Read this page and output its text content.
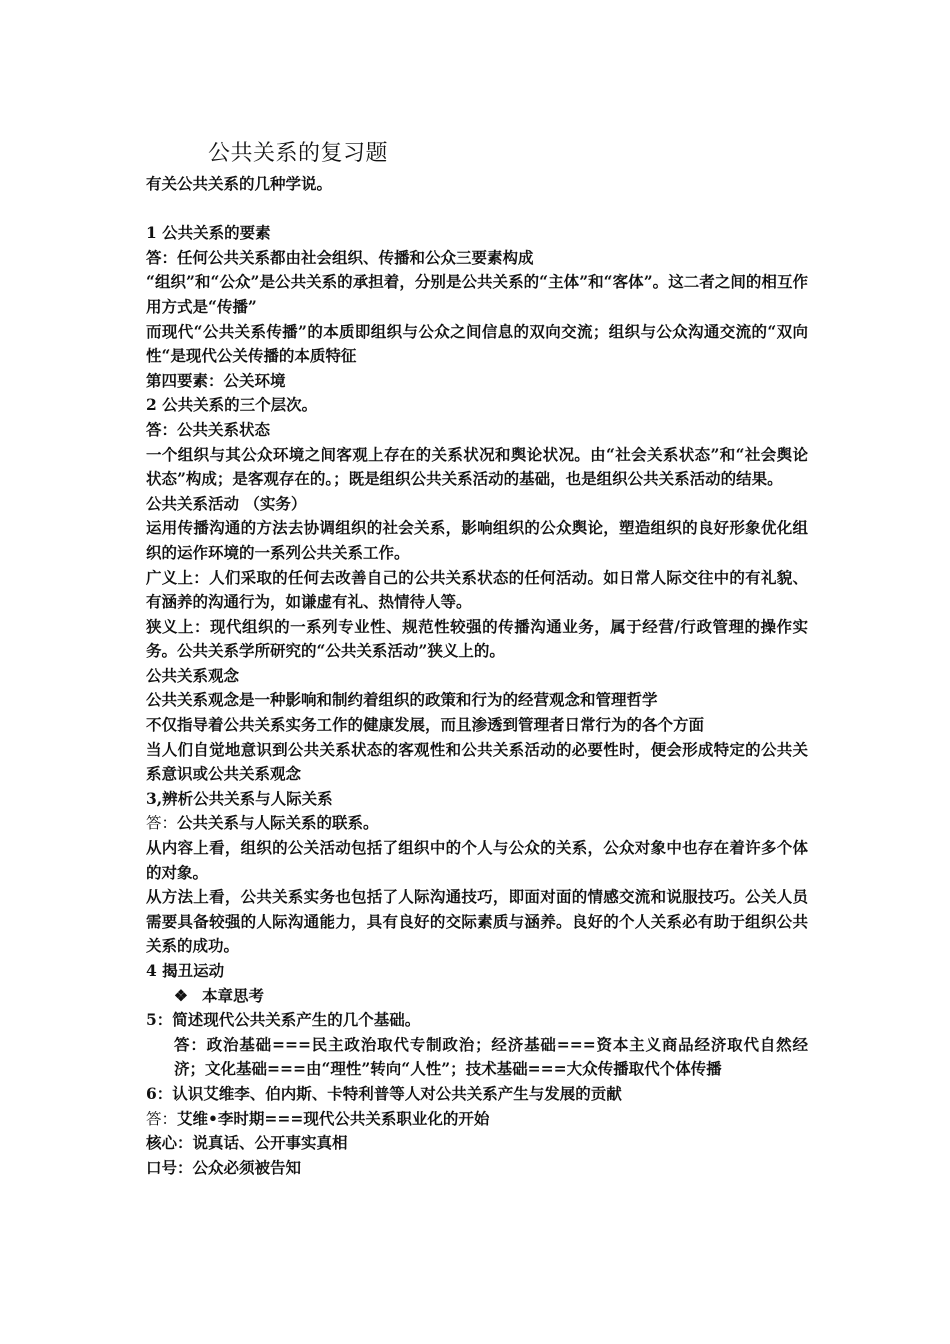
公共关系的复习题

有关公共关系的几种学说。

1 公共关系的要素

答：任何公共关系都由社会组织、传播和公众三要素构成

“组织”和“公众”是公共关系的承担着，分别是公共关系的“主体”和“客体”。这二者之间的相互作用方式是“传播”

而现代“公共关系传播”的本质即组织与公众之间信息的双向交流；组织与公众沟通交流的“双向性“是现代公关传播的本质特征

第四要素：公关环境

2 公共关系的三个层次。

答：公共关系状态

一个组织与其公众环境之间客观上存在的关系状况和舆论状况。由“社会关系状态”和“社会舆论状态”构成；是客观存在的。；既是组织公共关系活动的基础，也是组织公共关系活动的结果。

公共关系活动 （实务）

运用传播沟通的方法去协调组织的社会关系，影响组织的公众舆论，塑造组织的良好形象优化组织的运作环境的一系列公共关系工作。

广义上：人们采取的任何去改善自己的公共关系状态的任何活动。如日常人际交往中的有礼貌、有涵养的沟通行为，如谦虚有礼、热情待人等。

狭义上：现代组织的一系列专业性、规范性较强的传播沟通业务，属于经营/行政管理的操作实务。公共关系学所研究的“公共关系活动”狭义上的。

公共关系观念

公共关系观念是一种影响和制约着组织的政策和行为的经营观念和管理哲学

不仅指导着公共关系实务工作的健康发展，而且渗透到管理者日常行为的各个方面

当人们自觉地意识到公共关系状态的客观性和公共关系活动的必要性时，便会形成特定的公共关系意识或公共关系观念

3,辨析公共关系与人际关系

答：公共关系与人际关系的联系。

从内容上看，组织的公关活动包括了组织中的个人与公众的关系，公众对象中也存在着许多个体的对象。

从方法上看，公共关系实务也包括了人际沟通技巧，即面对面的情感交流和说服技巧。公关人员需要具备较强的人际沟通能力，具有良好的交际素质与涵养。良好的个人关系必有助于组织公共关系的成功。

4 揭丑运动

❖ 本章思考

5：简述现代公共关系产生的几个基础。

答：政治基础===民主政治取代专制政治；经济基础===资本主义商品经济取代自然经济；文化基础===由“理性”转向“人性”；技术基础===大众传播取代个体传播

6：认识艾维李、伯内斯、卡特利普等人对公共关系产生与发展的贡献

答：艾维•李时期===现代公共关系职业化的开始

核心：说真话、公开事实真相

口号：公众必须被告知
